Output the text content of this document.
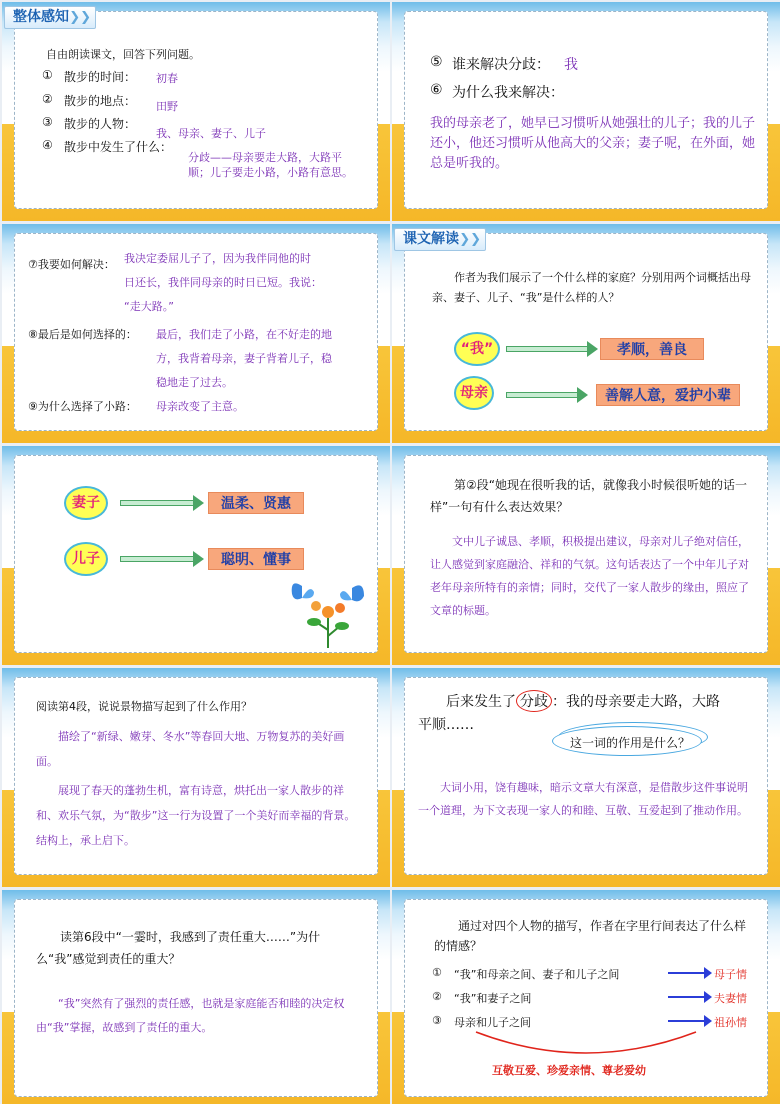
整体感知 ❯❯
自由朗读课文，回答下列问题。
① 散步的时间： 初春
② 散步的地点： 田野
③ 散步的人物：
我、母亲、妻子、儿子
④ 散步中发生了什么：
分歧——母亲要走大路，大路平顺；儿子要走小路，小路有意思。
⑤ 谁来解决分歧： 我
⑥ 为什么我来解决：
我的母亲老了，她早已习惯听从她强壮的儿子；我的儿子还小，他还习惯听从他高大的父亲；妻子呢，在外面，她总是听我的。
⑦我要如何解决： 我决定委屈儿子了，因为我伴同他的时
日还长，我伴同母亲的时日已短。我说：
“走大路。”
⑧最后是如何选择的： 最后，我们走了小路，在不好走的地
方，我背着母亲，妻子背着儿子，稳
稳地走了过去。
⑨为什么选择了小路： 母亲改变了主意。
课文解读 ❯❯
作者为我们展示了一个什么样的家庭？分别用两个词概括出母亲、妻子、儿子、“我”是什么样的人？
“我”	孝顺，善良
母亲	善解人意，爱护小辈
妻子	温柔、贤惠
儿子	聪明、懂事
第②段“她现在很听我的话，就像我小时候很听她的话一样”一句有什么表达效果？
文中儿子诚恳、孝顺，积极提出建议，母亲对儿子绝对信任，让人感觉到家庭融洽、祥和的气氛。这句话表达了一个中年儿子对老年母亲所特有的亲情；同时，交代了一家人散步的缘由，照应了文章的标题。
阅读第4段，说说景物描写起到了什么作用？
描绘了“新绿、嫩芽、冬水”等春回大地、万物复苏的美好画面。
展现了春天的蓬勃生机，富有诗意，烘托出一家人散步的祥和、欢乐气氛，为“散步”这一行为设置了一个美好而幸福的背景。结构上，承上启下。
后来发生了 分歧 ：我的母亲要走大路，大路
平顺……
这一词的作用是什么？
大词小用，饶有趣味，暗示文章大有深意，是借散步这件事说明一个道理，为下文表现一家人的和睦、互敬、互爱起到了推动作用。
读第6段中“一霎时，我感到了责任重大……”为什么“我”感觉到责任的重大？
“我”突然有了强烈的责任感，也就是家庭能否和睦的决定权由“我”掌握，故感到了责任的重大。
通过对四个人物的描写，作者在字里行间表达了什么样的情感？
① “我”和母亲之间、妻子和儿子之间	母子情
② “我”和妻子之间	夫妻情
③ 母亲和儿子之间	祖孙情
互敬互爱、珍爱亲情、尊老爱幼
